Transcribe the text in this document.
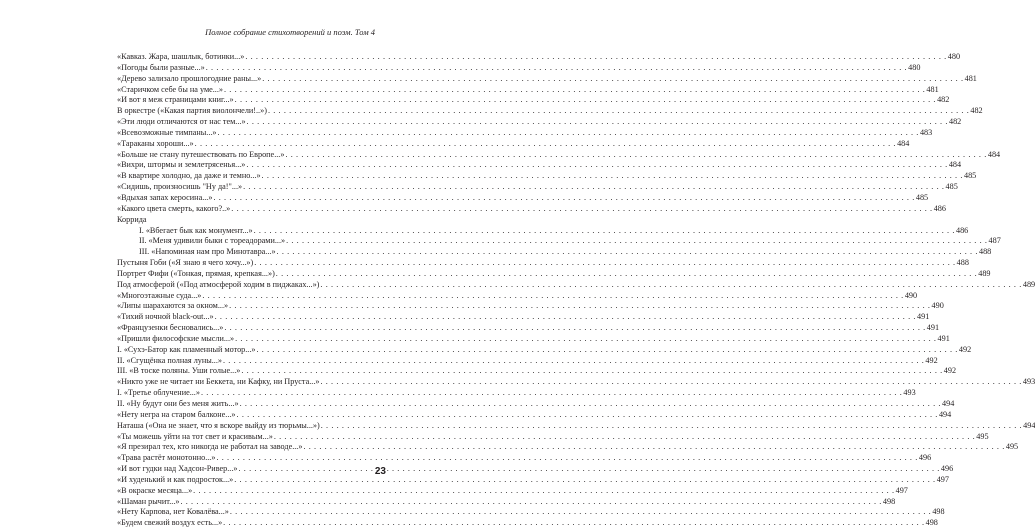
Полное собрание стихотворений и поэм. Том 4
«Кавказ. Жара, шашлык, ботинки...» . . .	480
«Погоды были разные...» . . .	480
«Дерево зализало прошлогодние раны...» . . .	481
«Старичком себе бы на уме...» . . .	481
«И вот я меж страницами книг...» . . .	482
В оркестре («Какая партия виолончели!..») . . .	482
«Эти люди отличаются от нас тем...» . . .	482
«Всевозможные тимпаны...» . . .	483
«Тараканы хороши...» . . .	484
«Больше не стану путешествовать по Европе...» . . .	484
«Вихри, штормы и землетрясенья...» . . .	484
«В квартире холодно, да даже и темно...» . . .	485
«Сидишь, произносишь "Ну да!"...» . . .	485
«Вдыхая запах керосина...» . . .	485
«Какого цвета смерть, какого?..» . . .	486
Коррида
I. «Вбегает бык как монумент...» . . .	486
II. «Меня удивили быки с тореадорами...» . . .	487
III. «Напоминая нам про Минотавра...» . . .	488
Пустыня Гоби («Я знаю я чего хочу...») . . .	488
Портрет Фифи («Тонкая, прямая, крепкая...») . . .	489
Под атмосферой («Под атмосферой ходим в пиджаках...») . . .	489
«Многоэтажные суда...» . . .	490
«Липы шарахаются за окном...» . . .	490
«Тихий ночной black-out...» . . .	491
«Французенки бесновались...» . . .	491
«Пришли философские мысли...» . . .	491
I. «Сухэ-Батор как пламенный мотор...» . . .	492
II. «Сгущёнка полная луны...» . . .	492
III. «В тоске поляны. Уши голые...» . . .	492
«Никто уже не читает ни Беккета, ни Кафку, ни Пруста...» . . .	493
I. «Третье облучение...» . . .	493
II. «Ну будут они без меня жить...» . . .	494
«Нету негра на старом балконе...» . . .	494
Наташа («Она не знает, что я вскоре выйду из тюрьмы...») . . .	494
«Ты можешь уйти на тот свет и красивым...» . . .	495
«Я презирал тех, кто никогда не работал на заводе...» . . .	495
«Трава растёт монотонно...» . . .	496
«И вот гудки над Хадсон-Ривер...» . . .	496
«И худенький и как подросток...» . . .	497
«В окраске месяца...» . . .	497
«Шаман рычит...» . . .	498
«Нету Карпова, нет Ковалёва...» . . .	498
«Будем свежий воздух есть...» . . .	498
23
